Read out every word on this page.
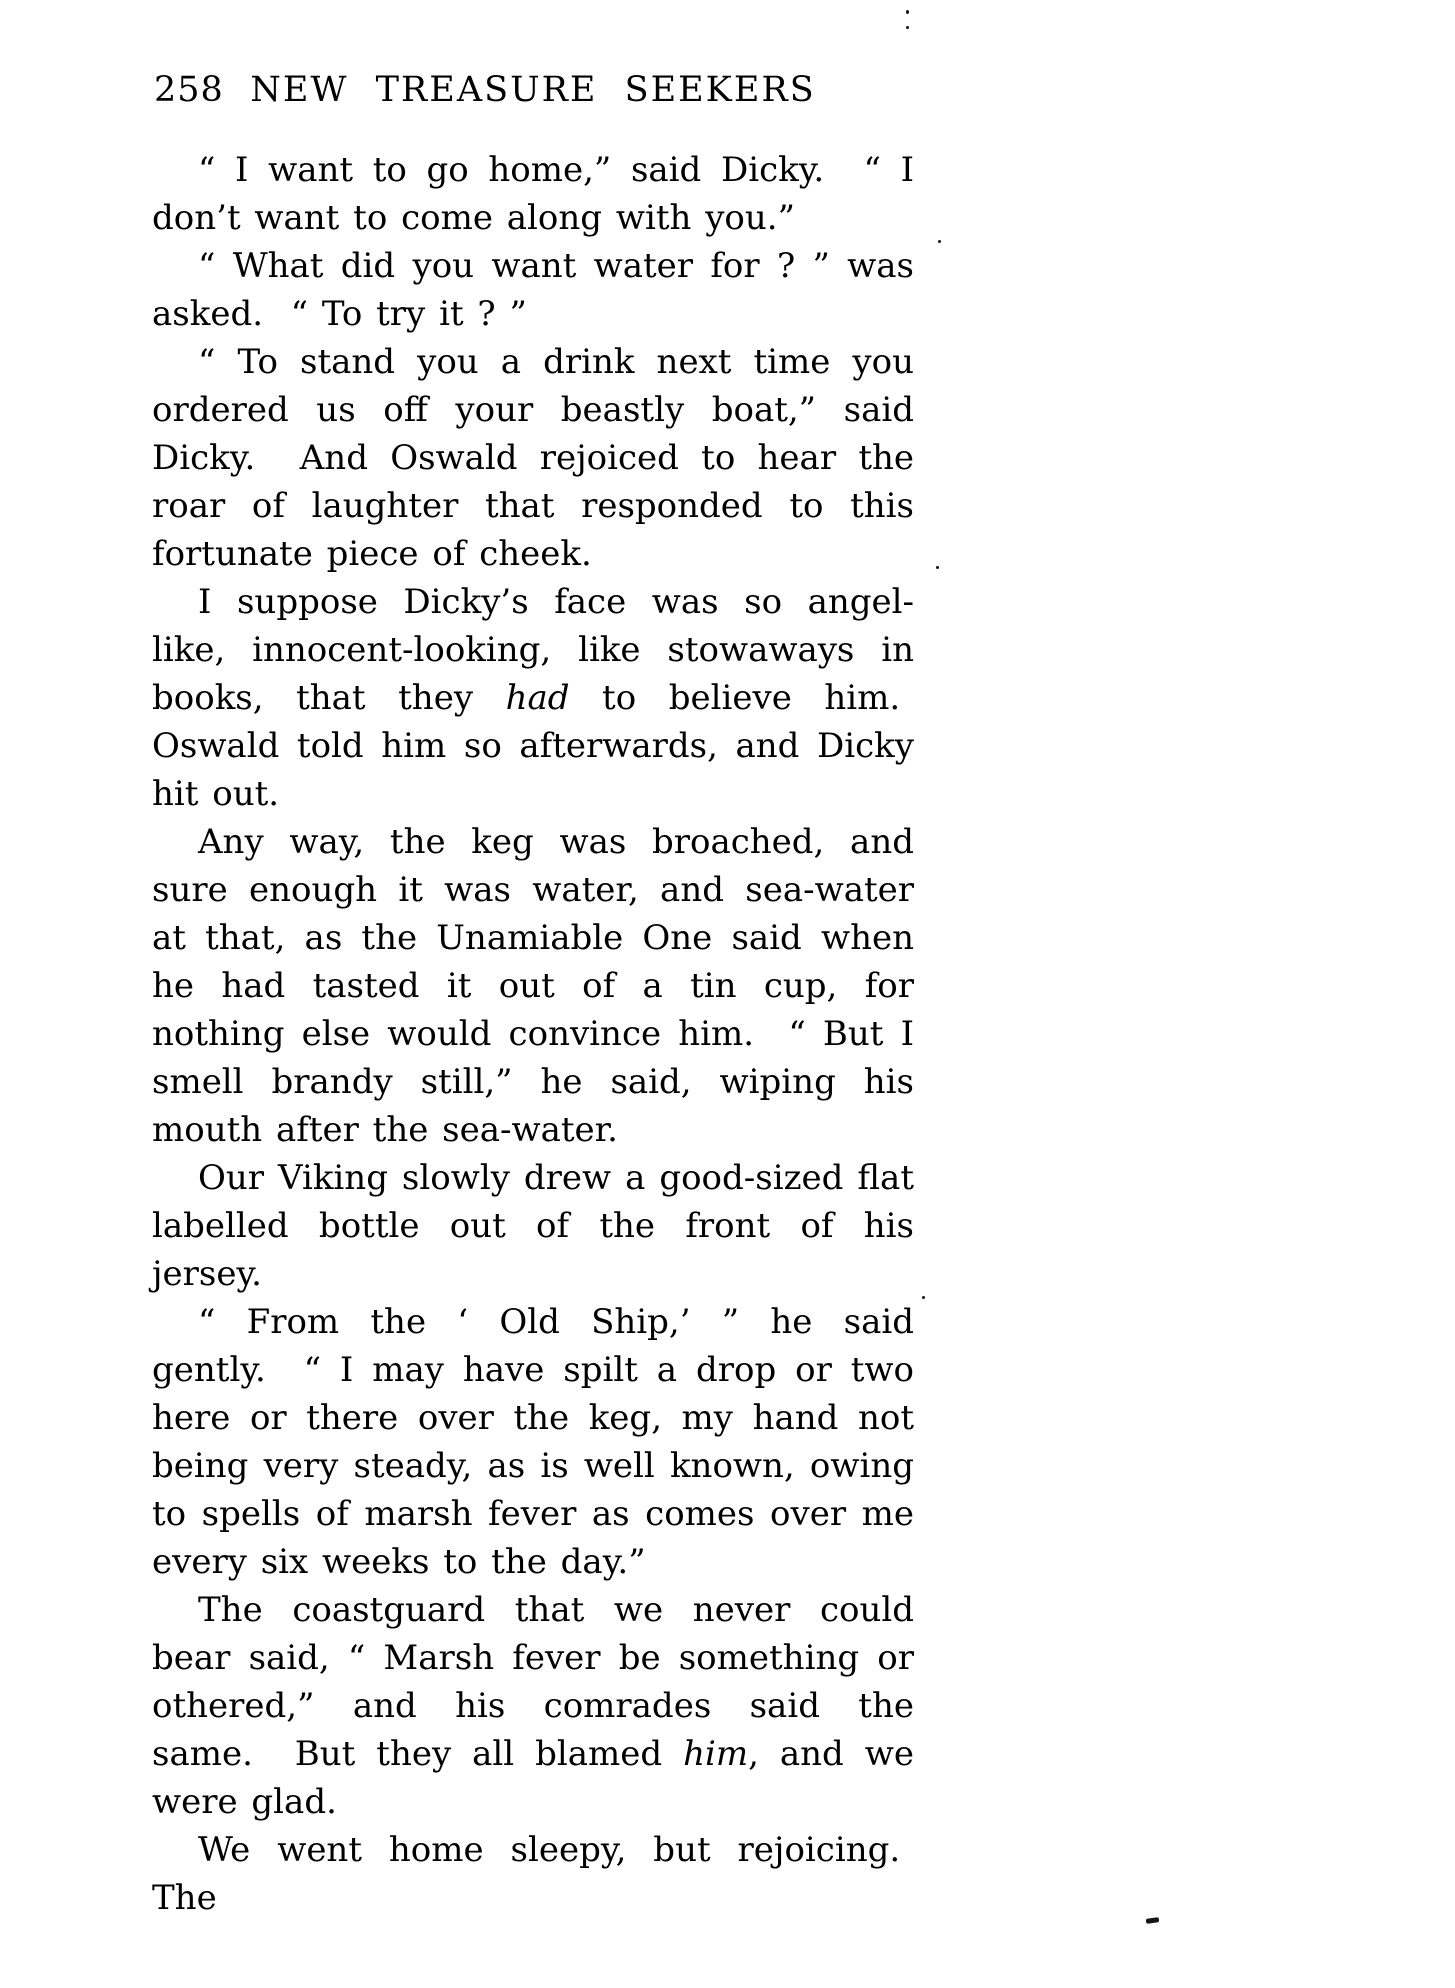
258 NEW TREASURE SEEKERS

“ I want to go home,” said Dicky.  “ I don’t want to come along with you.”

“ What did you want water for ? ” was asked.  “ To try it ? ”

“ To stand you a drink next time you ordered us off your beastly boat,” said Dicky.  And Oswald rejoiced to hear the roar of laughter that responded to this fortunate piece of cheek.

I suppose Dicky’s face was so angel-like, innocent-looking, like stowaways in books, that they had to believe him.  Oswald told him so afterwards, and Dicky hit out.

Any way, the keg was broached, and sure enough it was water, and sea-water at that, as the Unamiable One said when he had tasted it out of a tin cup, for nothing else would convince him.  “ But I smell brandy still,” he said, wiping his mouth after the sea-water.

Our Viking slowly drew a good-sized flat labelled bottle out of the front of his jersey.

“ From the ‘ Old Ship,’ ” he said gently.  “ I may have spilt a drop or two here or there over the keg, my hand not being very steady, as is well known, owing to spells of marsh fever as comes over me every six weeks to the day.”

The coastguard that we never could bear said, “ Marsh fever be something or othered,” and his comrades said the same.  But they all blamed him, and we were glad.

We went home sleepy, but rejoicing.  The
